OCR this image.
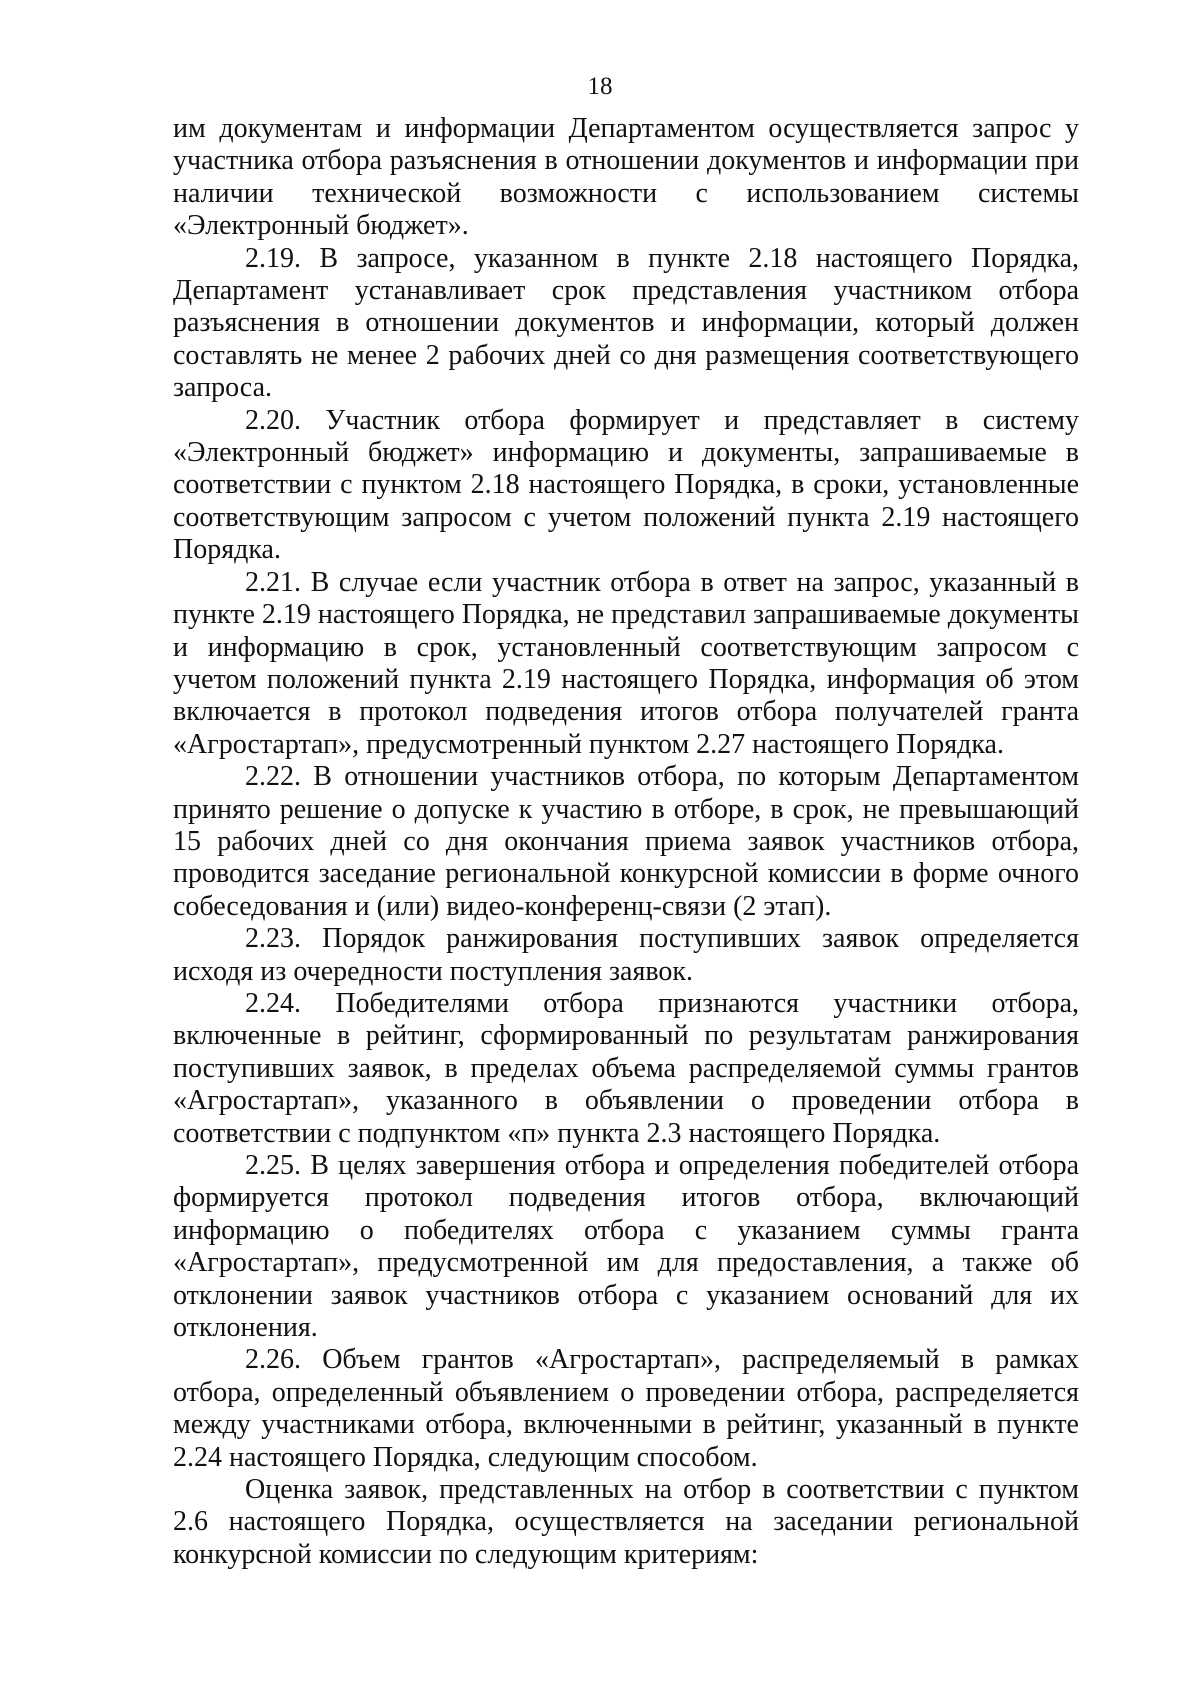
18

им документам и информации Департаментом осуществляется запрос у участника отбора разъяснения в отношении документов и информации при наличии технической возможности с использованием системы «Электронный бюджет».

2.19. В запросе, указанном в пункте 2.18 настоящего Порядка, Департамент устанавливает срок представления участником отбора разъяснения в отношении документов и информации, который должен составлять не менее 2 рабочих дней со дня размещения соответствующего запроса.

2.20. Участник отбора формирует и представляет в систему «Электронный бюджет» информацию и документы, запрашиваемые в соответствии с пунктом 2.18 настоящего Порядка, в сроки, установленные соответствующим запросом с учетом положений пункта 2.19 настоящего Порядка.

2.21. В случае если участник отбора в ответ на запрос, указанный в пункте 2.19 настоящего Порядка, не представил запрашиваемые документы и информацию в срок, установленный соответствующим запросом с учетом положений пункта 2.19 настоящего Порядка, информация об этом включается в протокол подведения итогов отбора получателей гранта «Агростартап», предусмотренный пунктом 2.27 настоящего Порядка.

2.22. В отношении участников отбора, по которым Департаментом принято решение о допуске к участию в отборе, в срок, не превышающий 15 рабочих дней со дня окончания приема заявок участников отбора, проводится заседание региональной конкурсной комиссии в форме очного собеседования и (или) видео-конференц-связи (2 этап).

2.23. Порядок ранжирования поступивших заявок определяется исходя из очередности поступления заявок.

2.24. Победителями отбора признаются участники отбора, включенные в рейтинг, сформированный по результатам ранжирования поступивших заявок, в пределах объема распределяемой суммы грантов «Агростартап», указанного в объявлении о проведении отбора в соответствии с подпунктом «п» пункта 2.3 настоящего Порядка.

2.25. В целях завершения отбора и определения победителей отбора формируется протокол подведения итогов отбора, включающий информацию о победителях отбора с указанием суммы гранта «Агростартап», предусмотренной им для предоставления, а также об отклонении заявок участников отбора с указанием оснований для их отклонения.

2.26. Объем грантов «Агростартап», распределяемый в рамках отбора, определенный объявлением о проведении отбора, распределяется между участниками отбора, включенными в рейтинг, указанный в пункте 2.24 настоящего Порядка, следующим способом.

Оценка заявок, представленных на отбор в соответствии с пунктом 2.6 настоящего Порядка, осуществляется на заседании региональной конкурсной комиссии по следующим критериям:
